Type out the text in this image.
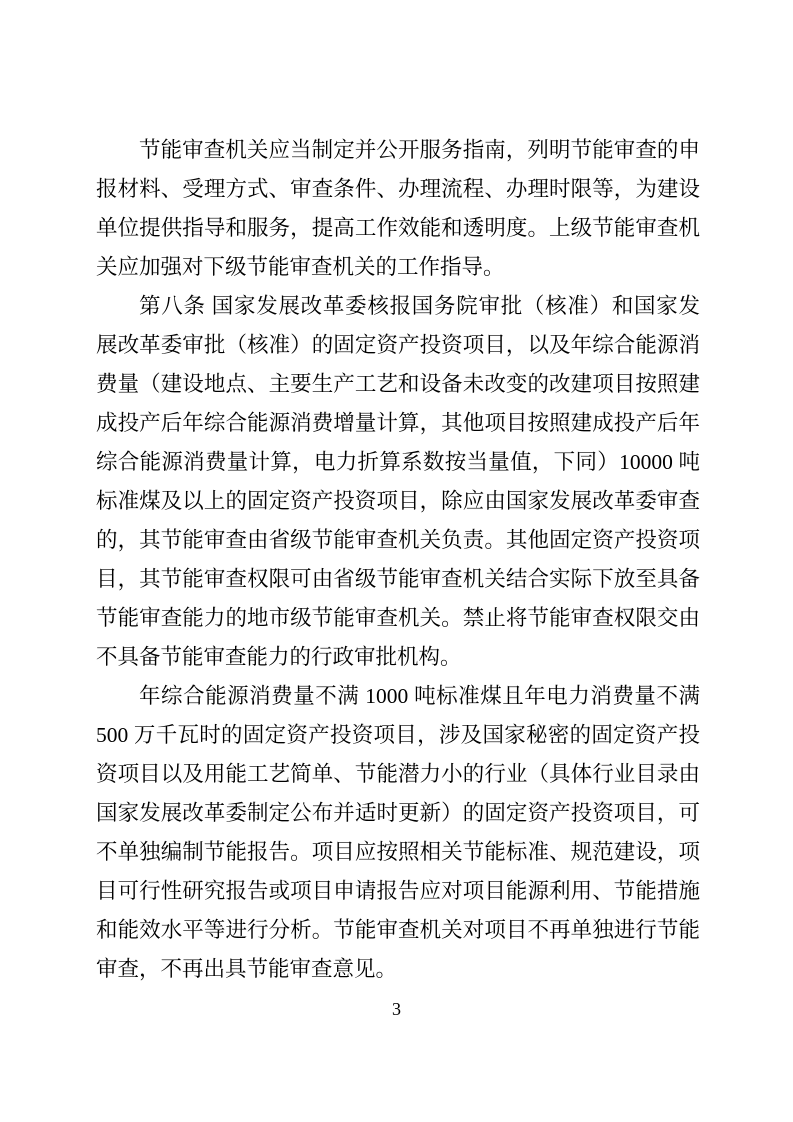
节能审查机关应当制定并公开服务指南，列明节能审查的申报材料、受理方式、审查条件、办理流程、办理时限等，为建设单位提供指导和服务，提高工作效能和透明度。上级节能审查机关应加强对下级节能审查机关的工作指导。

第八条 国家发展改革委核报国务院审批（核准）和国家发展改革委审批（核准）的固定资产投资项目，以及年综合能源消费量（建设地点、主要生产工艺和设备未改变的改建项目按照建成投产后年综合能源消费增量计算，其他项目按照建成投产后年综合能源消费量计算，电力折算系数按当量值，下同）10000 吨标准煤及以上的固定资产投资项目，除应由国家发展改革委审查的，其节能审查由省级节能审查机关负责。其他固定资产投资项目，其节能审查权限可由省级节能审查机关结合实际下放至具备节能审查能力的地市级节能审查机关。禁止将节能审查权限交由不具备节能审查能力的行政审批机构。

年综合能源消费量不满 1000 吨标准煤且年电力消费量不满 500 万千瓦时的固定资产投资项目，涉及国家秘密的固定资产投资项目以及用能工艺简单、节能潜力小的行业（具体行业目录由国家发展改革委制定公布并适时更新）的固定资产投资项目，可不单独编制节能报告。项目应按照相关节能标准、规范建设，项目可行性研究报告或项目申请报告应对项目能源利用、节能措施和能效水平等进行分析。节能审查机关对项目不再单独进行节能审查，不再出具节能审查意见。

3
